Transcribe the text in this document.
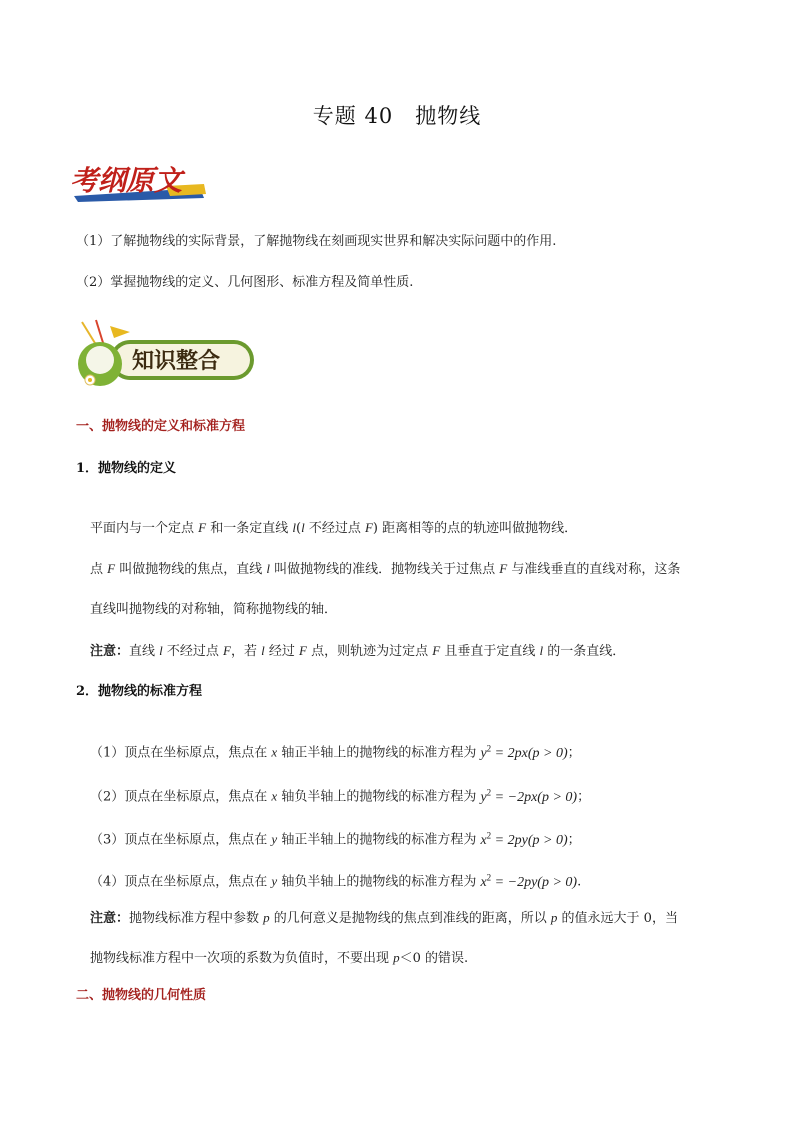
专题 40　抛物线
考纲原文
（1）了解抛物线的实际背景，了解抛物线在刻画现实世界和解决实际问题中的作用.
（2）掌握抛物线的定义、几何图形、标准方程及简单性质.
知识整合
一、抛物线的定义和标准方程
1．抛物线的定义
平面内与一个定点 F 和一条定直线 l(l 不经过点 F) 距离相等的点的轨迹叫做抛物线．
点 F 叫做抛物线的焦点，直线 l 叫做抛物线的准线．抛物线关于过焦点 F 与准线垂直的直线对称，这条
直线叫抛物线的对称轴，简称抛物线的轴．
注意：直线 l 不经过点 F，若 l 经过 F 点，则轨迹为过定点 F 且垂直于定直线 l 的一条直线．
2．抛物线的标准方程
（1）顶点在坐标原点，焦点在 x 轴正半轴上的抛物线的标准方程为 $y^2 = 2px(p > 0)$；
（2）顶点在坐标原点，焦点在 x 轴负半轴上的抛物线的标准方程为 $y^2 = -2px(p > 0)$；
（3）顶点在坐标原点，焦点在 y 轴正半轴上的抛物线的标准方程为 $x^2 = 2py(p > 0)$；
（4）顶点在坐标原点，焦点在 y 轴负半轴上的抛物线的标准方程为 $x^2 = -2py(p > 0)$.
注意：抛物线标准方程中参数 p 的几何意义是抛物线的焦点到准线的距离，所以 p 的值永远大于 0，当
抛物线标准方程中一次项的系数为负值时，不要出现 p＜0 的错误.
二、抛物线的几何性质
